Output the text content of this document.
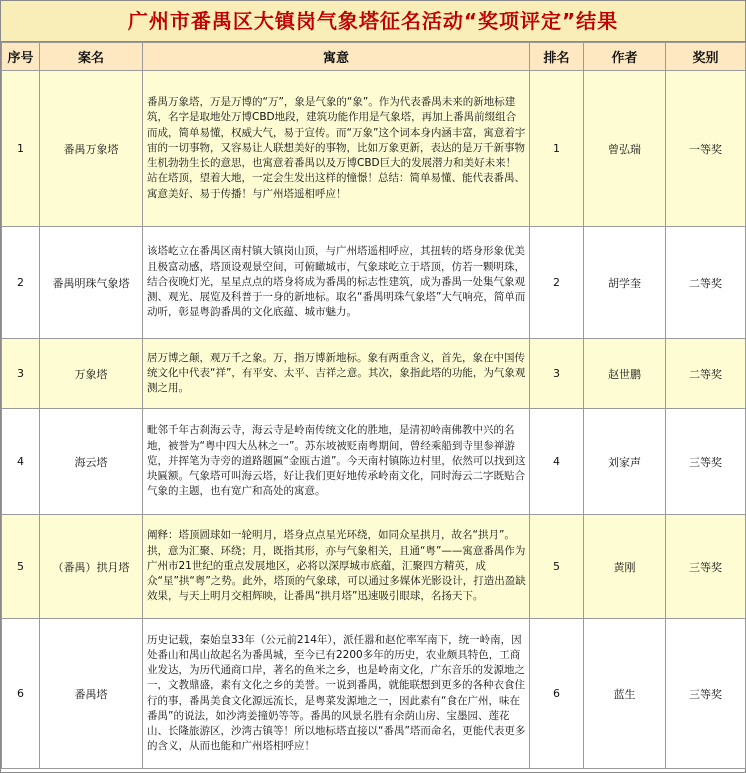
广州市番禺区大镇岗气象塔征名活动“奖项评定”结果
序号	案名	寓意	排名	作者	奖别
1	番禺万象塔	番禺万象塔，万是万博的“万”，象是气象的“象”。作为代表番禺未来的新地标建筑，名字是取地处万博CBD地段，建筑功能作用是气象塔，再加上番禺前缀组合而成，简单易懂，权威大气，易于宣传。而“万象”这个词本身内涵丰富，寓意着宇宙的一切事物，又容易让人联想美好的事物，比如万象更新，表达的是万千新事物生机勃勃生长的意思，也寓意着番禺以及万博CBD巨大的发展潜力和美好未来！站在塔顶，望着大地，一定会生发出这样的憧憬！总结：简单易懂、能代表番禺、寓意美好、易于传播！与广州塔遥相呼应！	1	曾弘瑞	一等奖
2	番禺明珠气象塔	该塔屹立在番禺区南村镇大镇岗山顶，与广州塔遥相呼应，其扭转的塔身形象优美且极富动感，塔顶设观景空间，可俯瞰城市，气象球屹立于塔顶，仿若一颗明珠，结合夜晚灯光，星星点点的塔身将成为番禺的标志性建筑，成为番禺一处集气象观测、观光、展览及科普于一身的新地标。取名“番禺明珠气象塔”大气响亮，简单而动听，彰显粤韵番禺的文化底蕴、城市魅力。	2	胡学奎	二等奖
3	万象塔	居万博之颠，观万千之象。万，指万博新地标。象有两重含义，首先，象在中国传统文化中代表“祥”，有平安、太平、吉祥之意。其次，象指此塔的功能，为气象观测之用。	3	赵世鹏	二等奖
4	海云塔	毗邻千年古刹海云寺，海云寺是岭南传统文化的胜地，是清初岭南佛教中兴的名地，被誉为“粤中四大丛林之一”。苏东坡被贬南粤期间，曾经乘船到寺里参禅游览，并挥笔为寺旁的道路题匾“金瓯古道”。今天南村镇陈边村里，依然可以找到这块匾额。气象塔可叫海云塔，好让我们更好地传承岭南文化，同时海云二字既贴合气象的主题，也有宽广和高处的寓意。	4	刘家声	三等奖
5	（番禺）拱月塔	阐释：塔顶圆球如一轮明月，塔身点点星光环绕，如同众星拱月，故名“拱月”。拱，意为汇聚、环绕；月，既指其形，亦与气象相关，且通“粤”——寓意番禺作为广州市21世纪的重点发展地区，必将以深厚城市底蕴，汇聚四方精英，成众“星”拱“粤”之势。此外，塔顶的气象球，可以通过多媒体光影设计，打造出盈缺效果，与天上明月交相辉映，让番禺“拱月塔”迅速吸引眼球，名扬天下。	5	黄刚	三等奖
6	番禺塔	历史记载，秦始皇33年（公元前214年），派任嚣和赵佗率军南下，统一岭南，因处番山和禺山故起名为番禺城，至今已有2200多年的历史，农业颇具特色，工商业发达，为历代通商口岸，著名的鱼米之乡，也是岭南文化，广东音乐的发源地之一，文教鼎盛，素有文化之乡的美誉。一说到番禺，就能联想到更多的各种衣食住行的事，番禺美食文化源远流长，是粤菜发源地之一，因此素有“食在广州，味在番禺”的说法，如沙湾姜撞奶等等。番禺的风景名胜有余荫山房、宝墨园、莲花山、长隆旅游区，沙湾古镇等！所以地标塔直接以“番禺”塔而命名，更能代表更多的含义，从而也能和广州塔相呼应！	6	蓝生	三等奖
